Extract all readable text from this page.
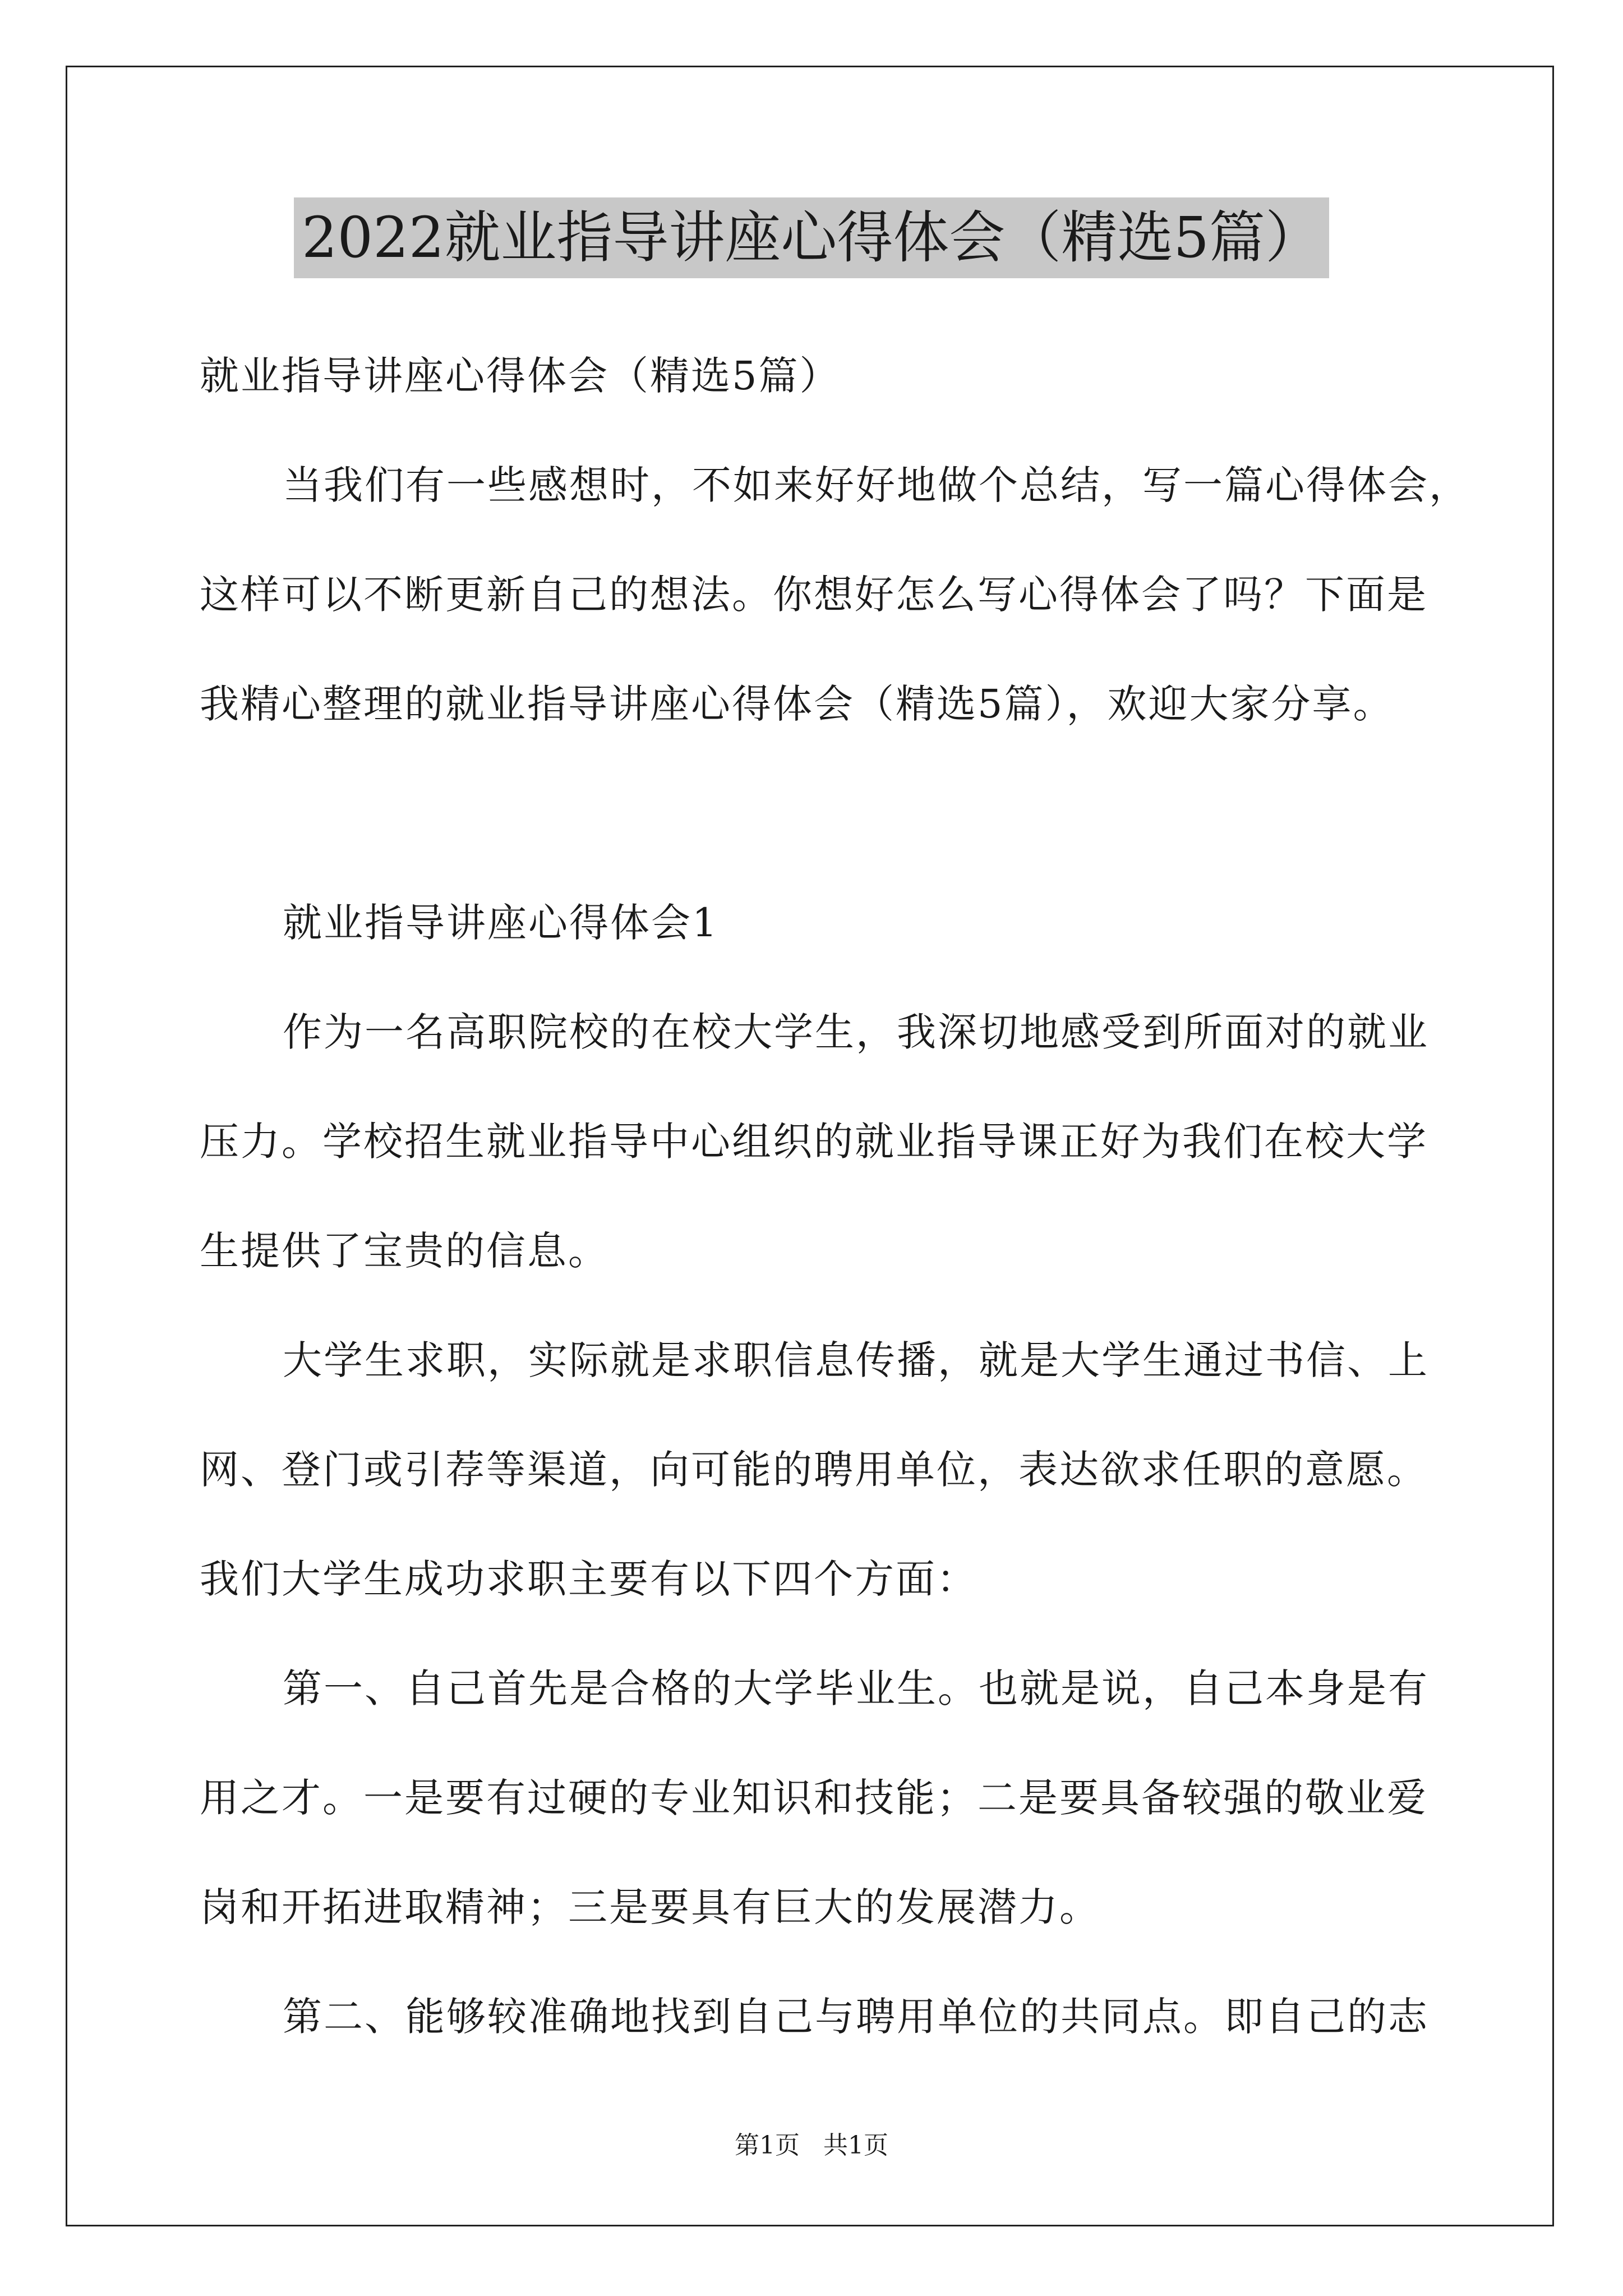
2022就业指导讲座心得体会（精选5篇）
就业指导讲座心得体会（精选5篇）
当我们有一些感想时，不如来好好地做个总结，写一篇心得体会，
这样可以不断更新自己的想法。你想好怎么写心得体会了吗？下面是
我精心整理的就业指导讲座心得体会（精选5篇），欢迎大家分享。
就业指导讲座心得体会1
作为一名高职院校的在校大学生，我深切地感受到所面对的就业
压力。学校招生就业指导中心组织的就业指导课正好为我们在校大学
生提供了宝贵的信息。
大学生求职，实际就是求职信息传播，就是大学生通过书信、上
网、登门或引荐等渠道，向可能的聘用单位，表达欲求任职的意愿。
我们大学生成功求职主要有以下四个方面：
第一、自己首先是合格的大学毕业生。也就是说，自己本身是有
用之才。一是要有过硬的专业知识和技能；二是要具备较强的敬业爱
岗和开拓进取精神；三是要具有巨大的发展潜力。
第二、能够较准确地找到自己与聘用单位的共同点。即自己的志
第1页   共1页
